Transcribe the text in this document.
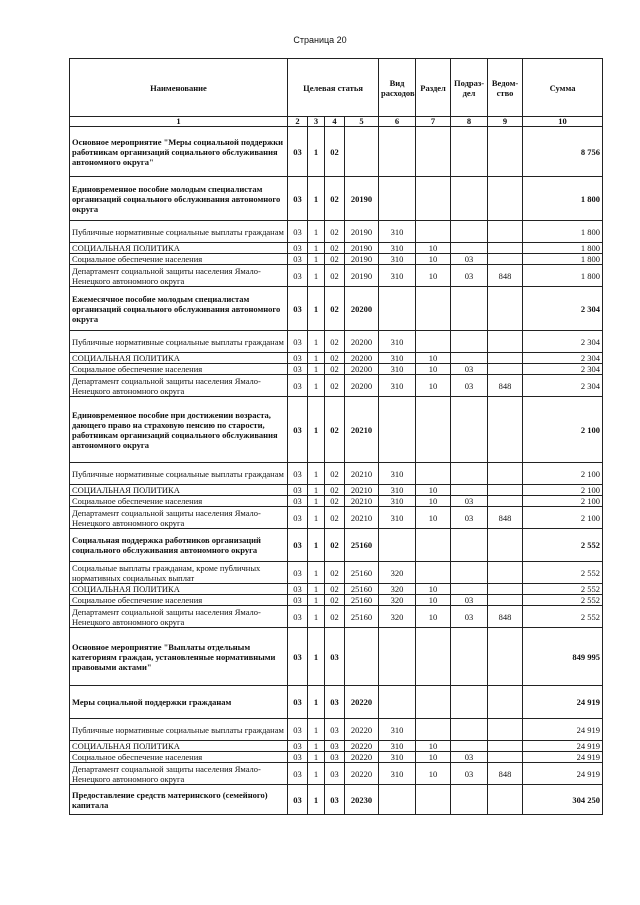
Страница 20
Наименование	Целевая статья				Вид расходов	Раздел	Подраз-дел	Ведом-ство	Сумма
1	2	3	4	5	6	7	8	9	10
Основное мероприятие "Меры социальной поддержки работникам организаций социального обслуживания автономного округа"	03	1	02						8 756
Единовременное пособие молодым специалистам организаций социального обслуживания автономного округа	03	1	02	20190					1 800
Публичные нормативные социальные выплаты гражданам	03	1	02	20190	310				1 800
СОЦИАЛЬНАЯ ПОЛИТИКА	03	1	02	20190	310	10			1 800
Социальное обеспечение населения	03	1	02	20190	310	10	03		1 800
Департамент социальной защиты населения Ямало-Ненецкого автономного округа	03	1	02	20190	310	10	03	848	1 800
Ежемесячное пособие молодым специалистам организаций социального обслуживания автономного округа	03	1	02	20200					2 304
Публичные нормативные социальные выплаты гражданам	03	1	02	20200	310				2 304
СОЦИАЛЬНАЯ ПОЛИТИКА	03	1	02	20200	310	10			2 304
Социальное обеспечение населения	03	1	02	20200	310	10	03		2 304
Департамент социальной защиты населения Ямало-Ненецкого автономного округа	03	1	02	20200	310	10	03	848	2 304
Единовременное пособие при достижении возраста, дающего право на страховую пенсию по старости, работникам организаций социального обслуживания автономного округа	03	1	02	20210					2 100
Публичные нормативные социальные выплаты гражданам	03	1	02	20210	310				2 100
СОЦИАЛЬНАЯ ПОЛИТИКА	03	1	02	20210	310	10			2 100
Социальное обеспечение населения	03	1	02	20210	310	10	03		2 100
Департамент социальной защиты населения Ямало-Ненецкого автономного округа	03	1	02	20210	310	10	03	848	2 100
Социальная поддержка работников организаций социального обслуживания автономного округа	03	1	02	25160					2 552
Социальные выплаты гражданам, кроме публичных нормативных социальных выплат	03	1	02	25160	320				2 552
СОЦИАЛЬНАЯ ПОЛИТИКА	03	1	02	25160	320	10			2 552
Социальное обеспечение населения	03	1	02	25160	320	10	03		2 552
Департамент социальной защиты населения Ямало-Ненецкого автономного округа	03	1	02	25160	320	10	03	848	2 552
Основное мероприятие "Выплаты отдельным категориям граждан, установленные нормативными правовыми актами"	03	1	03						849 995
Меры социальной поддержки гражданам	03	1	03	20220					24 919
Публичные нормативные социальные выплаты гражданам	03	1	03	20220	310				24 919
СОЦИАЛЬНАЯ ПОЛИТИКА	03	1	03	20220	310	10			24 919
Социальное обеспечение населения	03	1	03	20220	310	10	03		24 919
Департамент социальной защиты населения Ямало-Ненецкого автономного округа	03	1	03	20220	310	10	03	848	24 919
Предоставление средств материнского (семейного) капитала	03	1	03	20230					304 250
